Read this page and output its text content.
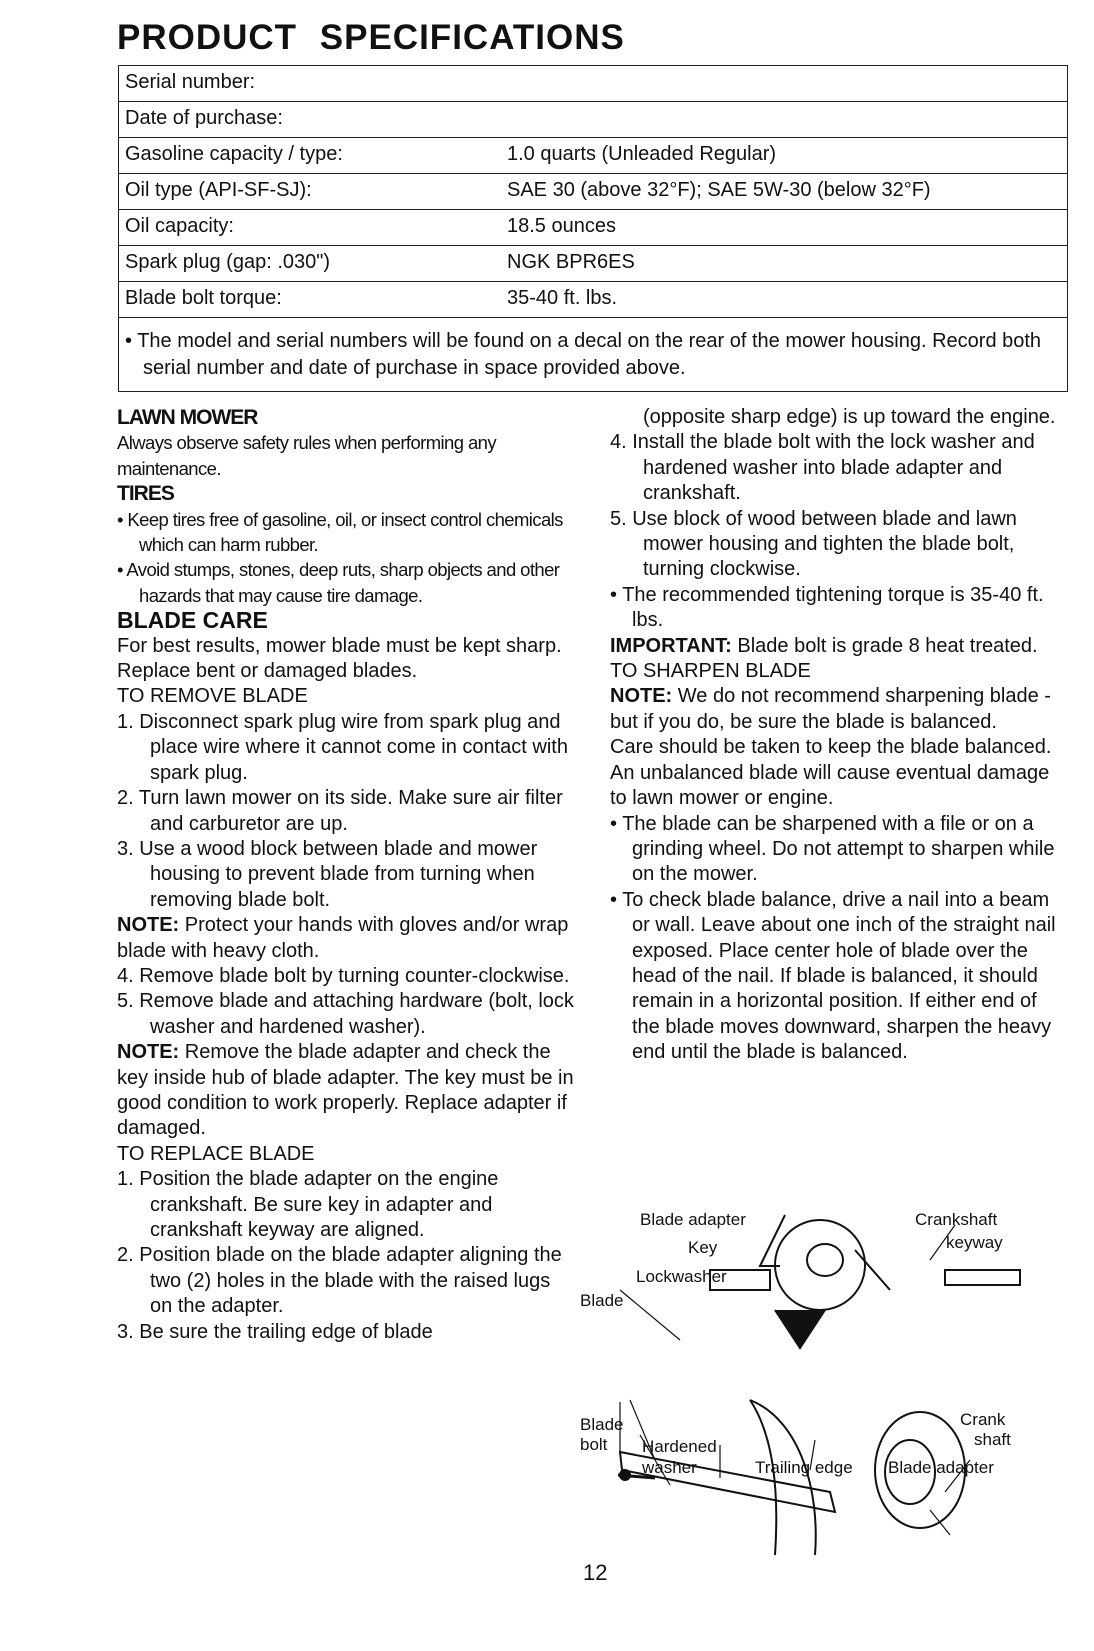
PRODUCT SPECIFICATIONS
Serial number:
Date of purchase:
Gasoline capacity / type:	1.0 quarts (Unleaded Regular)
Oil type (API-SF-SJ):	SAE 30 (above 32°F); SAE 5W-30 (below 32°F)
Oil capacity:	18.5 ounces
Spark plug (gap: .030")	NGK BPR6ES
Blade bolt torque:	35-40 ft. lbs.
• The model and serial numbers will be found on a decal on the rear of the mower housing. Record both serial number and date of purchase in space provided above.

LAWN MOWER

Always observe safety rules when performing any maintenance.

TIRES

• Keep tires free of gasoline, oil, or insect control chemicals which can harm rubber.

• Avoid stumps, stones, deep ruts, sharp objects and other hazards that may cause tire damage.

BLADE CARE

For best results, mower blade must be kept sharp. Replace bent or damaged blades.

TO REMOVE BLADE

1. Disconnect spark plug wire from spark plug and place wire where it cannot come in contact with spark plug.

2. Turn lawn mower on its side. Make sure air filter and carburetor are up.

3. Use a wood block between blade and mower housing to prevent blade from turning when removing blade bolt.

NOTE: Protect your hands with gloves and/or wrap blade with heavy cloth.

4. Remove blade bolt by turning counter-clockwise.

5. Remove blade and attaching hardware (bolt, lock washer and hardened washer).

NOTE: Remove the blade adapter and check the key inside hub of blade adapter. The key must be in good condition to work properly. Replace adapter if damaged.

TO REPLACE BLADE

1. Position the blade adapter on the engine crankshaft. Be sure key in adapter and crankshaft keyway are aligned.

2. Position blade on the blade adapter aligning the two (2) holes in the blade with the raised lugs on the adapter.

3. Be sure the trailing edge of blade

(opposite sharp edge) is up toward the engine.

4. Install the blade bolt with the lock washer and hardened washer into blade adapter and crankshaft.

5. Use block of wood between blade and lawn mower housing and tighten the blade bolt, turning clockwise.

• The recommended tightening torque is 35-40 ft. lbs.

IMPORTANT: Blade bolt is grade 8 heat treated.

TO SHARPEN BLADE

NOTE: We do not recommend sharpening blade - but if you do, be sure the blade is balanced.

Care should be taken to keep the blade balanced. An unbalanced blade will cause eventual damage to lawn mower or engine.

• The blade can be sharpened with a file or on a grinding wheel. Do not attempt to sharpen while on the mower.

• To check blade balance, drive a nail into a beam or wall. Leave about one inch of the straight nail exposed. Place center hole of blade over the head of the nail. If blade is balanced, it should remain in a horizontal position. If either end of the blade moves downward, sharpen the heavy end until the blade is balanced.

Blade adapter
Key
Crankshaft
keyway
Lockwasher
Blade
Blade
bolt Hardened
washer	Trailing edge Blade adapter
Crank
shaft
12
